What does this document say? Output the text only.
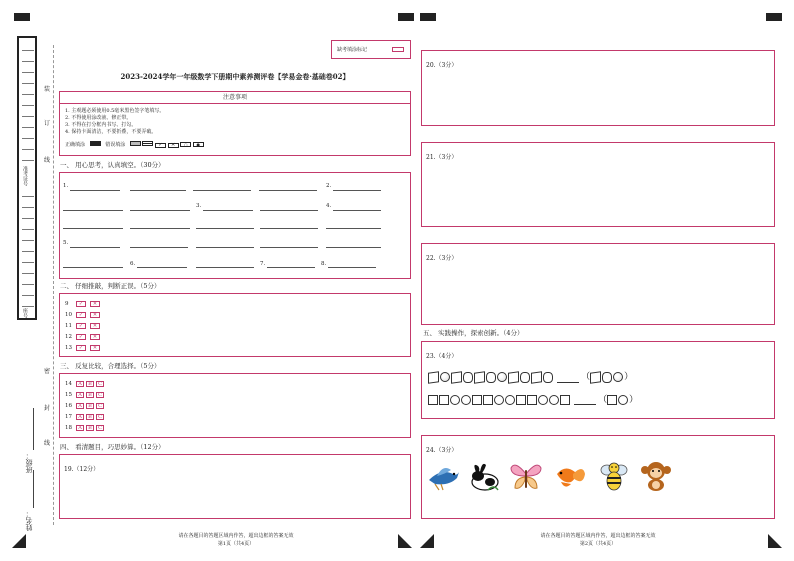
准考证号
座号
装
订
线
密
封
线
班级：
姓名：
缺考填涂标记
2023-2024学年一年级数学下册期中素养测评卷【学易金卷·基础卷02】
注意事项
1. 主观题必须使用0.5毫米黑色签字笔填写。
2. 不得使用涂改液、修正带。
3. 不得在打分框内书写、打勾。
4. 保持卡面清洁，不要折叠，不要弄破。
正确填涂	错误填涂	✓ ✕ ○ ●
一、 用心思考，认真填空。（30分）
1.	2.
3.	4.
5.
6.	7.	8.
二、 仔细推敲，判断正误。（5分）
9	✓	✕
10	✓	✕
11	✓	✕
12	✓	✕
13	✓	✕
三、 反复比较，合理选择。（5分）
14	A	B	C
15	A	B	C
16	A	B	C
17	A	B	C
18	A	B	C
四、 看清题目，巧思妙算。（12分）
19.（12分）
请在各题目的答题区域内作答，超出边框的答案无效
第1页（共4页）
20.（3分）
21.（3分）
22.（3分）
五、 实践操作，探索创新。（4分）
23.（4分）
（	）
（ ）
24.（3分）
请在各题目的答题区域内作答，超出边框的答案无效
第2页（共4页）
